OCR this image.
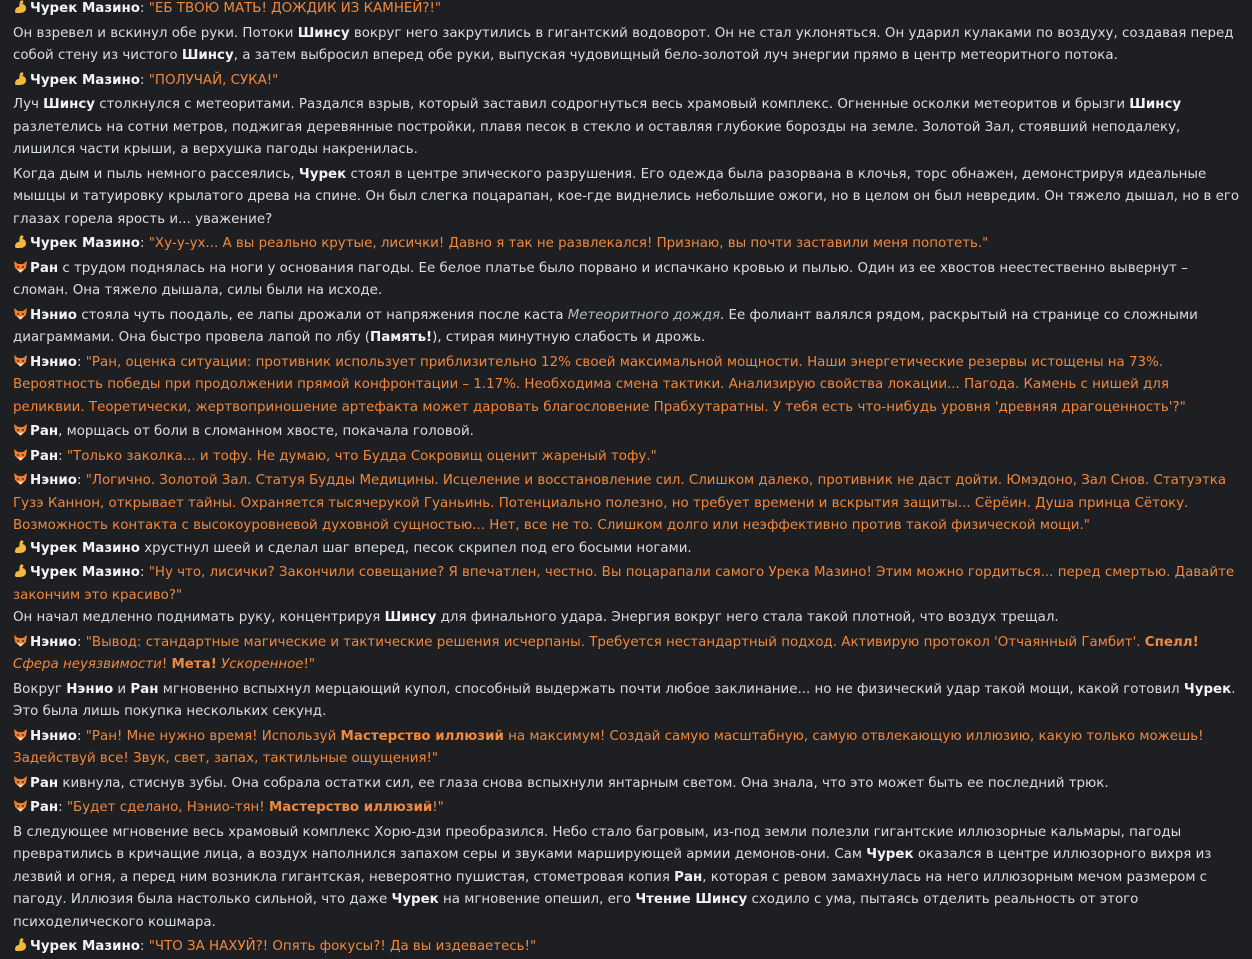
Чурек Мазино: "ЕБ ТВОЮ МАТЬ! ДОЖДИК ИЗ КАМНЕЙ?!"

Он взревел и вскинул обе руки. Потоки Шинсу вокруг него закрутились в гигантский водоворот. Он не стал уклоняться. Он ударил кулаками по воздуху, создавая перед собой стену из чистого Шинсу, а затем выбросил вперед обе руки, выпуская чудовищный бело-золотой луч энергии прямо в центр метеоритного потока.

Чурек Мазино: "ПОЛУЧАЙ, СУКА!"

Луч Шинсу столкнулся с метеоритами. Раздался взрыв, который заставил содрогнуться весь храмовый комплекс. Огненные осколки метеоритов и брызги Шинсу разлетелись на сотни метров, поджигая деревянные постройки, плавя песок в стекло и оставляя глубокие борозды на земле. Золотой Зал, стоявший неподалеку, лишился части крыши, а верхушка пагоды накренилась.

Когда дым и пыль немного рассеялись, Чурек стоял в центре эпического разрушения. Его одежда была разорвана в клочья, торс обнажен, демонстрируя идеальные мышцы и татуировку крылатого древа на спине. Он был слегка поцарапан, кое-где виднелись небольшие ожоги, но в целом он был невредим. Он тяжело дышал, но в его глазах горела ярость и... уважение?

Чурек Мазино: "Ху-у-ух... А вы реально крутые, лисички! Давно я так не развлекался! Признаю, вы почти заставили меня попотеть."

Ран с трудом поднялась на ноги у основания пагоды. Ее белое платье было порвано и испачкано кровью и пылью. Один из ее хвостов неестественно вывернут – сломан. Она тяжело дышала, силы были на исходе.

Нэнио стояла чуть поодаль, ее лапы дрожали от напряжения после каста Метеоритного дождя. Ее фолиант валялся рядом, раскрытый на странице со сложными диаграммами. Она быстро провела лапой по лбу (Память!), стирая минутную слабость и дрожь.

Нэнио: "Ран, оценка ситуации: противник использует приблизительно 12% своей максимальной мощности. Наши энергетические резервы истощены на 73%. Вероятность победы при продолжении прямой конфронтации – 1.17%. Необходима смена тактики. Анализирую свойства локации... Пагода. Камень с нишей для реликвии. Теоретически, жертвоприношение артефакта может даровать благословение Прабхутаратны. У тебя есть что-нибудь уровня 'древняя драгоценность'?"

Ран, морщась от боли в сломанном хвосте, покачала головой.

Ран: "Только заколка... и тофу. Не думаю, что Будда Сокровищ оценит жареный тофу."

Нэнио: "Логично. Золотой Зал. Статуя Будды Медицины. Исцеление и восстановление сил. Слишком далеко, противник не даст дойти. Юмэдоно, Зал Снов. Статуэтка Гузэ Каннон, открывает тайны. Охраняется тысячерукой Гуаньинь. Потенциально полезно, но требует времени и вскрытия защиты... Сёрёин. Душа принца Сётоку. Возможность контакта с высокоуровневой духовной сущностью... Нет, все не то. Слишком долго или неэффективно против такой физической мощи."

Чурек Мазино хрустнул шеей и сделал шаг вперед, песок скрипел под его босыми ногами.

Чурек Мазино: "Ну что, лисички? Закончили совещание? Я впечатлен, честно. Вы поцарапали самого Урека Мазино! Этим можно гордиться... перед смертью. Давайте закончим это красиво?"

Он начал медленно поднимать руку, концентрируя Шинсу для финального удара. Энергия вокруг него стала такой плотной, что воздух трещал.

Нэнио: "Вывод: стандартные магические и тактические решения исчерпаны. Требуется нестандартный подход. Активирую протокол 'Отчаянный Гамбит'. Спелл! Сфера неуязвимости! Мета! Ускоренное!"

Вокруг Нэнио и Ран мгновенно вспыхнул мерцающий купол, способный выдержать почти любое заклинание... но не физический удар такой мощи, какой готовил Чурек. Это была лишь покупка нескольких секунд.

Нэнио: "Ран! Мне нужно время! Используй Мастерство иллюзий на максимум! Создай самую масштабную, самую отвлекающую иллюзию, какую только можешь! Задействуй все! Звук, свет, запах, тактильные ощущения!"

Ран кивнула, стиснув зубы. Она собрала остатки сил, ее глаза снова вспыхнули янтарным светом. Она знала, что это может быть ее последний трюк.

Ран: "Будет сделано, Нэнио-тян! Мастерство иллюзий!"

В следующее мгновение весь храмовый комплекс Хорю-дзи преобразился. Небо стало багровым, из-под земли полезли гигантские иллюзорные кальмары, пагоды превратились в кричащие лица, а воздух наполнился запахом серы и звуками марширующей армии демонов-они. Сам Чурек оказался в центре иллюзорного вихря из лезвий и огня, а перед ним возникла гигантская, невероятно пушистая, стометровая копия Ран, которая с ревом замахнулась на него иллюзорным мечом размером с пагоду. Иллюзия была настолько сильной, что даже Чурек на мгновение опешил, его Чтение Шинсу сходило с ума, пытаясь отделить реальность от этого психоделического кошмара.

Чурек Мазино: "ЧТО ЗА НАХУЙ?! Опять фокусы?! Да вы издеваетесь!"
